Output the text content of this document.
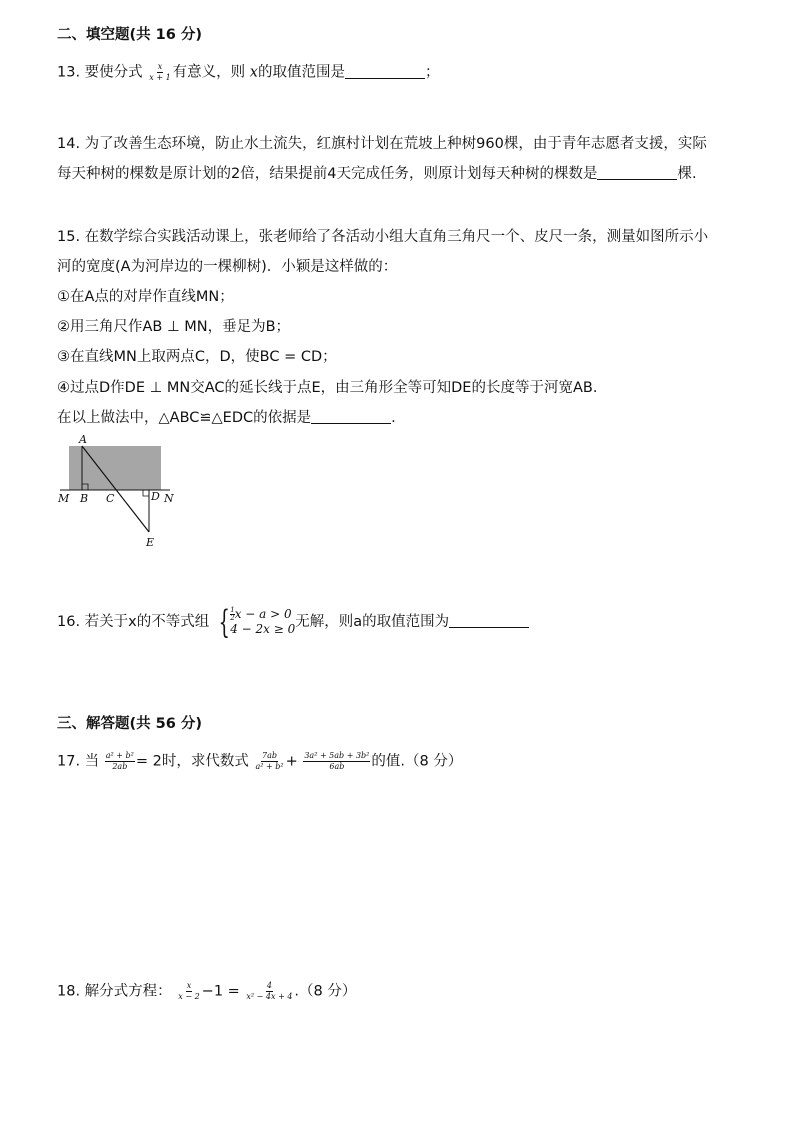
二、填空题(共 16 分)
13. 要使分式 $\frac{x}{x + 1}$ 有意义，则 x的取值范围是	；
14. 为了改善生态环境，防止水土流失，红旗村计划在荒坡上种树960棵，由于青年志愿者支援，实际
每天种树的棵数是原计划的2倍，结果提前4天完成任务，则原计划每天种树的棵数是	棵.
15. 在数学综合实践活动课上，张老师给了各活动小组大直角三角尺一个、皮尺一条，测量如图所示小
河的宽度(A为河岸边的一棵柳树)．小颖是这样做的：
①在A点的对岸作直线MN；
②用三角尺作AB ⊥ MN，垂足为B；
③在直线MN上取两点C，D，使BC = CD；
④过点D作DE ⊥ MN交AC的延长线于点E，由三角形全等可知DE的长度等于河宽AB.
在以上做法中，△ABC≌△EDC的依据是	.
A
M B C	D N
E
16. 若关于x的不等式组 { $\frac{1}{2}$ x − a > 0
4 − 2x ≥ 0 无解，则a的取值范围为
三、解答题(共 56 分)
17. 当 $\frac{\text{a² + b²}}{2ab} = 2$时，求代数式 $\frac{7ab}{\text{a² + b²}} + \frac{\text{3a² + 5ab + 3b²}}{6ab}$ 的值.（8 分）
18. 解分式方程： $\frac{x}{x - 2} -1 = \frac{4}{\text{x² − 4x + 4}} .(8$ 分）
